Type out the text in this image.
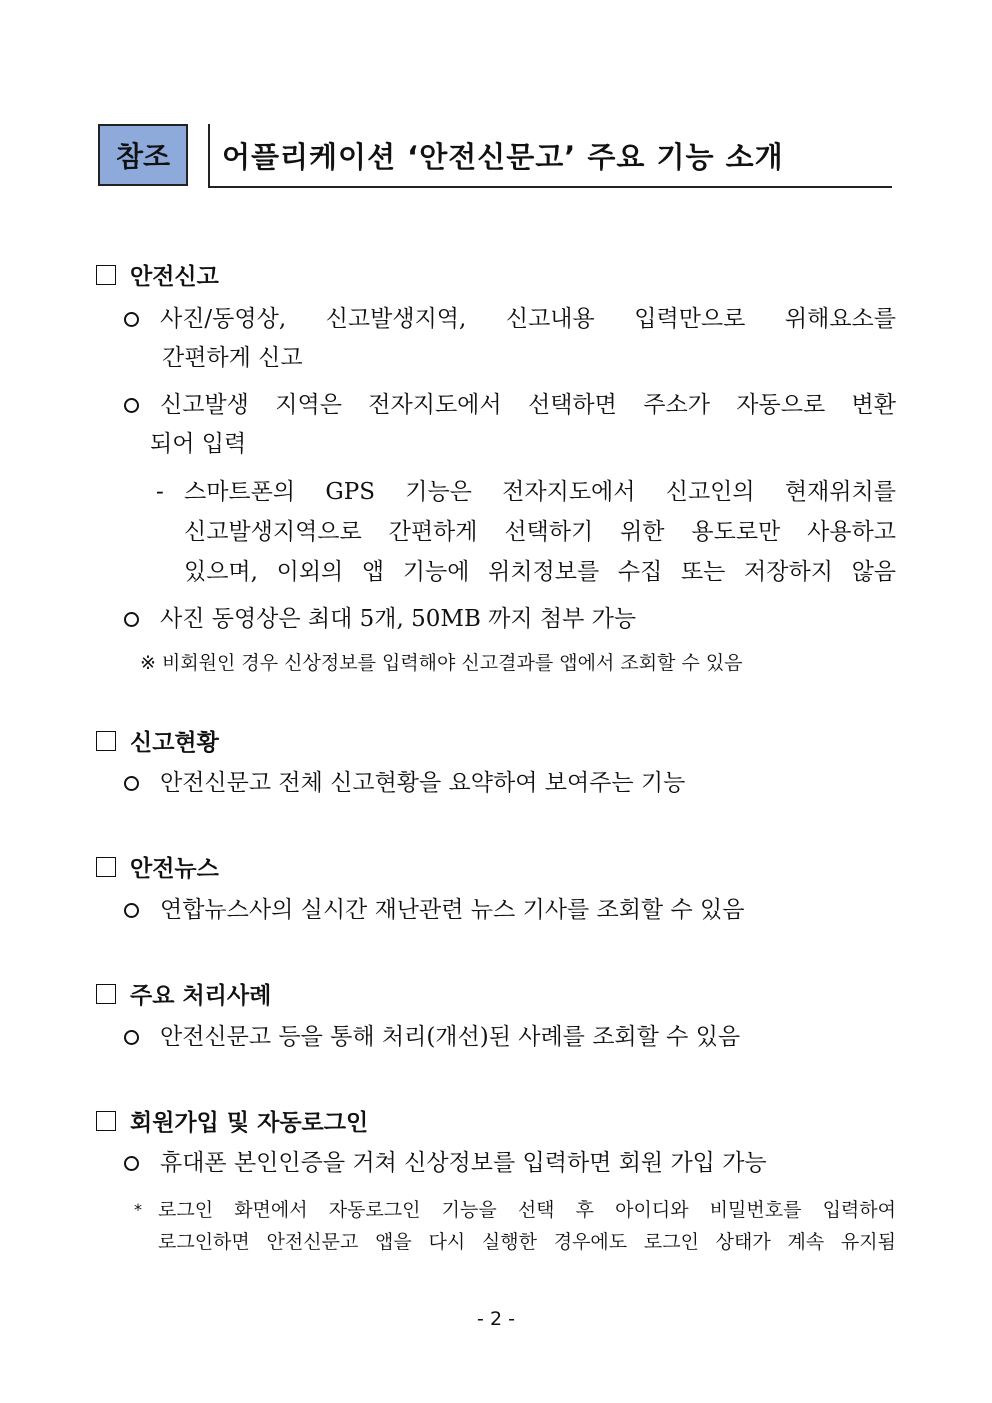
참조	어플리케이션 ‘안전신문고’ 주요 기능 소개
안전신고
사진/동영상, 신고발생지역, 신고내용 입력만으로 위해요소를
간편하게 신고
신고발생 지역은 전자지도에서 선택하면 주소가 자동으로 변환
되어 입력
- 스마트폰의 GPS 기능은 전자지도에서 신고인의 현재위치를
신고발생지역으로 간편하게 선택하기 위한 용도로만 사용하고
있으며, 이외의 앱 기능에 위치정보를 수집 또는 저장하지 않음
사진 동영상은 최대 5개, 50MB 까지 첨부 가능
※ 비회원인 경우 신상정보를 입력해야 신고결과를 앱에서 조회할 수 있음
신고현황
안전신문고 전체 신고현황을 요약하여 보여주는 기능
안전뉴스
연합뉴스사의 실시간 재난관련 뉴스 기사를 조회할 수 있음
주요 처리사례
안전신문고 등을 통해 처리(개선)된 사례를 조회할 수 있음
회원가입 및 자동로그인
휴대폰 본인인증을 거쳐 신상정보를 입력하면 회원 가입 가능
* 로그인 화면에서 자동로그인 기능을 선택 후 아이디와 비밀번호를 입력하여
로그인하면 안전신문고 앱을 다시 실행한 경우에도 로그인 상태가 계속 유지됨
- 2 -
